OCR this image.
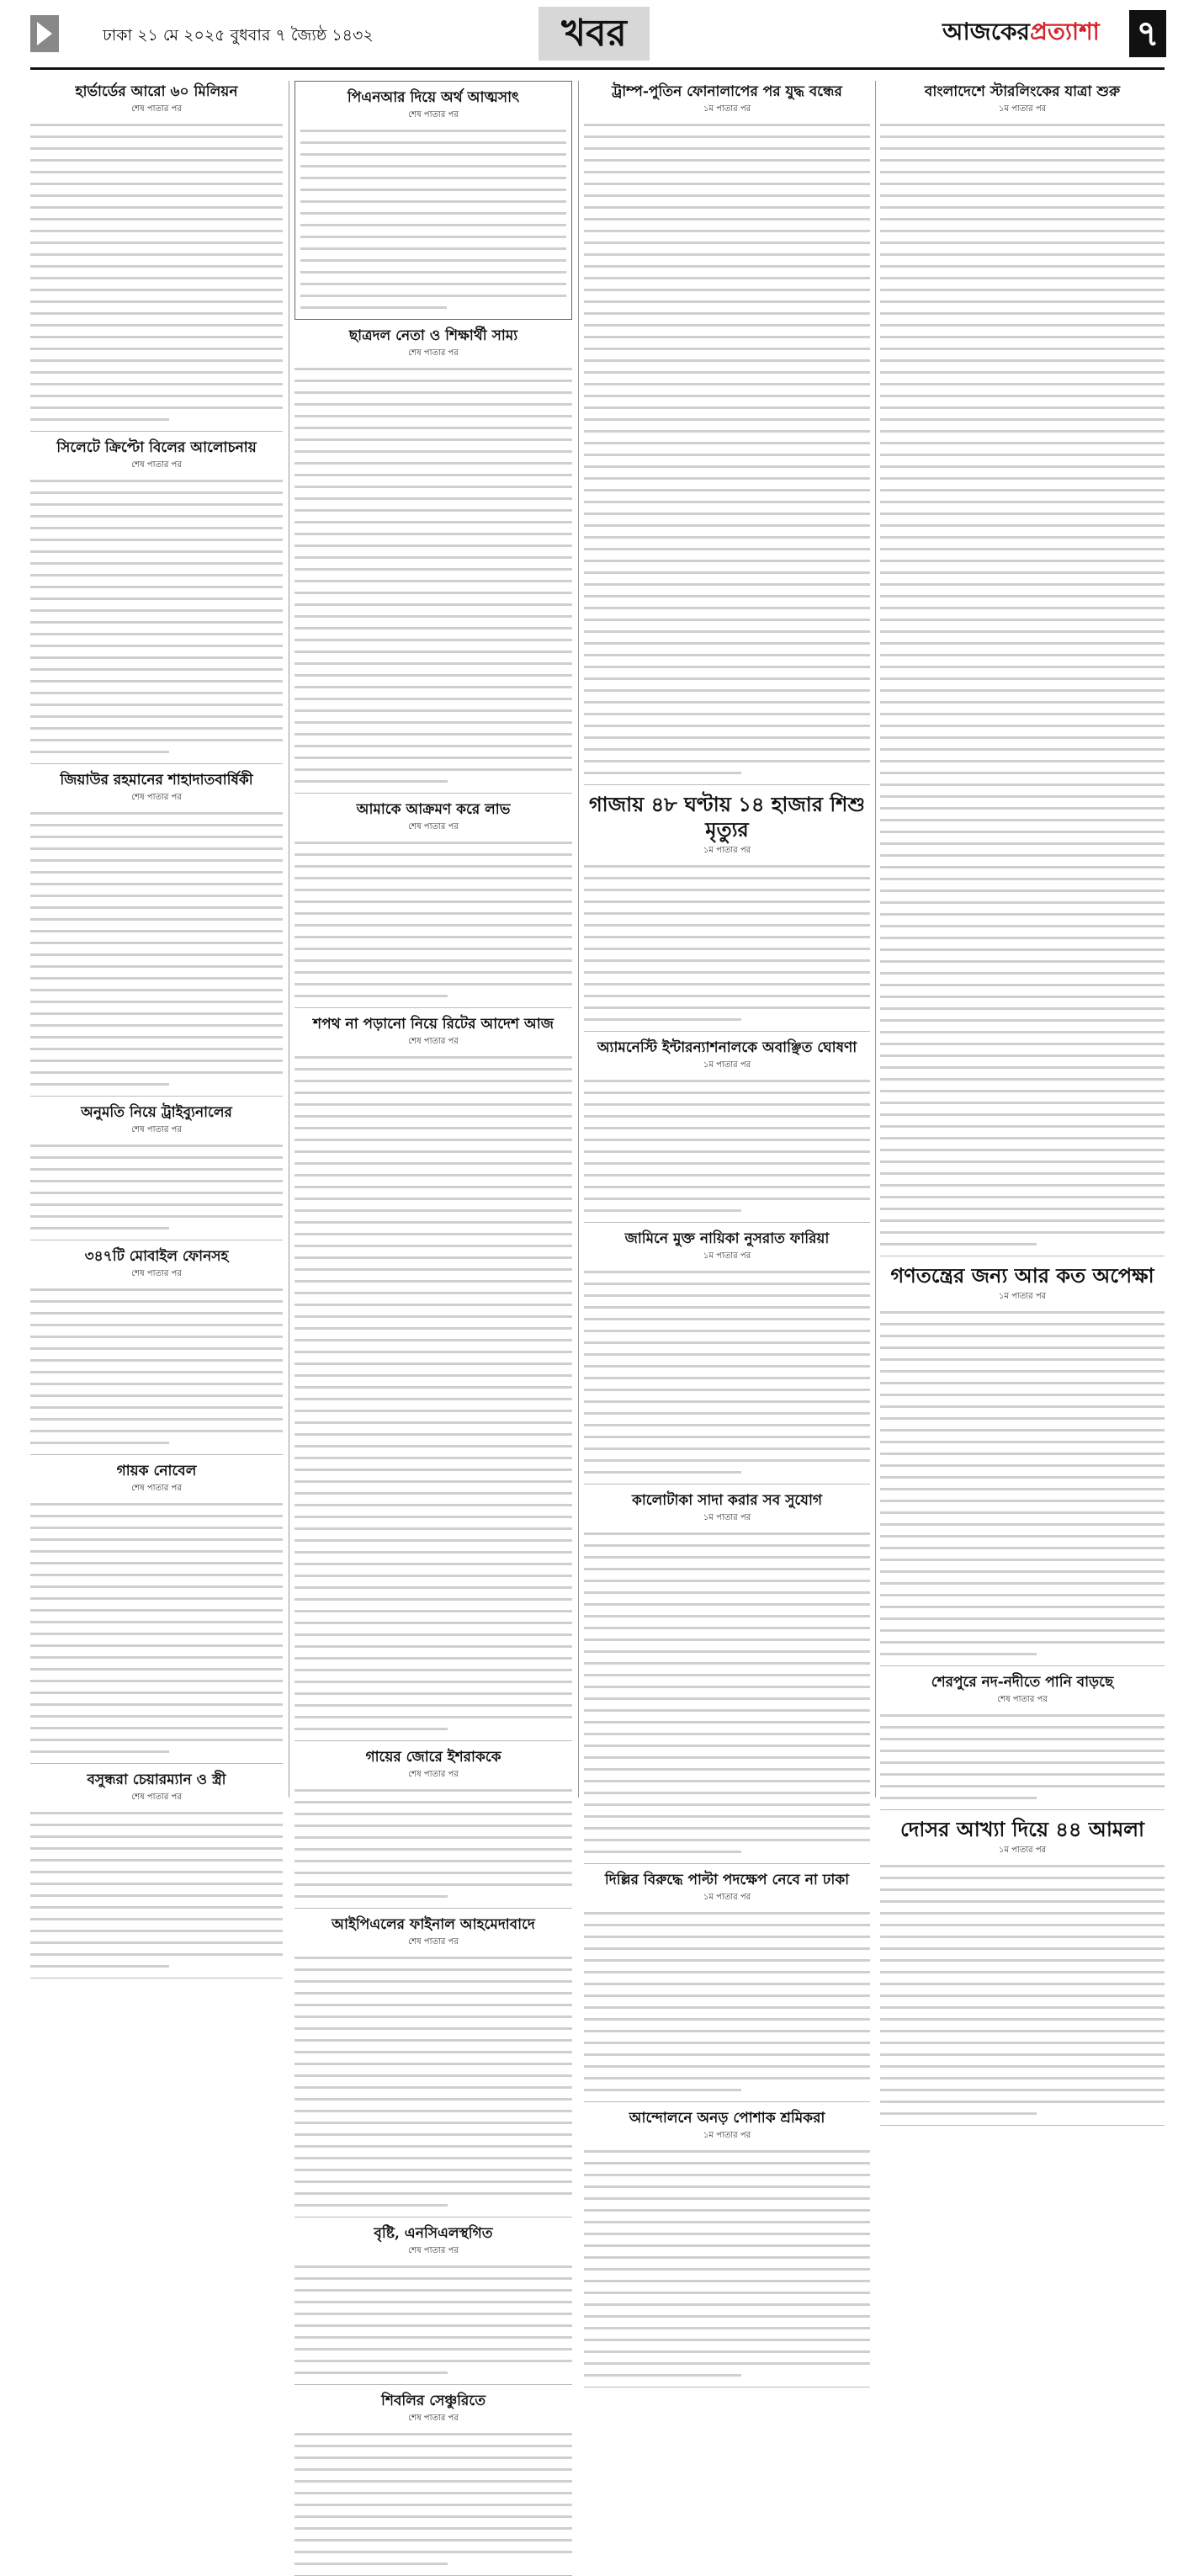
ঢাকা ২১ মে ২০২৫ বুধবার ৭ জ্যৈষ্ঠ ১৪৩২	খবর	আজকেরপ্রত্যাশা	৭
হার্ভার্ডের আরো ৬০ মিলিয়ন
শেষ পাতার পর
সিলেটে ক্রিপ্টো বিলের আলোচনায়
শেষ পাতার পর
জিয়াউর রহমানের শাহাদাতবার্ষিকী
শেষ পাতার পর
অনুমতি নিয়ে ট্রাইব্যুনালের
শেষ পাতার পর
৩৪৭টি মোবাইল ফোনসহ
শেষ পাতার পর
গায়ক নোবেল
শেষ পাতার পর
বসুন্ধরা চেয়ারম্যান ও স্ত্রী
শেষ পাতার পর
পিএনআর দিয়ে অর্থ আত্মসাৎ
শেষ পাতার পর
ছাত্রদল নেতা ও শিক্ষার্থী সাম্য
শেষ পাতার পর
আমাকে আক্রমণ করে লাভ
শেষ পাতার পর
শপথ না পড়ানো নিয়ে রিটের আদেশ আজ
শেষ পাতার পর
গায়ের জোরে ইশরাককে
শেষ পাতার পর
আইপিএলের ফাইনাল আহমেদাবাদে
শেষ পাতার পর
বৃষ্টি, এনসিএলস্থগিত
শেষ পাতার পর
শিবলির সেঞ্চুরিতে
শেষ পাতার পর
ট্রাম্প-পুতিন ফোনালাপের পর যুদ্ধ বন্ধের
১ম পাতার পর
গাজায় ৪৮ ঘণ্টায় ১৪ হাজার শিশু মৃত্যুর
১ম পাতার পর
অ্যামনেস্টি ইন্টারন্যাশনালকে অবাঞ্ছিত ঘোষণা
১ম পাতার পর
জামিনে মুক্ত নায়িকা নুসরাত ফারিয়া
১ম পাতার পর
কালোটাকা সাদা করার সব সুযোগ
১ম পাতার পর
দিল্লির বিরুদ্ধে পাল্টা পদক্ষেপ নেবে না ঢাকা
১ম পাতার পর
আন্দোলনে অনড় পোশাক শ্রমিকরা
১ম পাতার পর
বাংলাদেশে স্টারলিংকের যাত্রা শুরু
১ম পাতার পর
গণতন্ত্রের জন্য আর কত অপেক্ষা
১ম পাতার পর
শেরপুরে নদ-নদীতে পানি বাড়ছে
শেষ পাতার পর
দোসর আখ্যা দিয়ে ৪৪ আমলা
১ম পাতার পর
